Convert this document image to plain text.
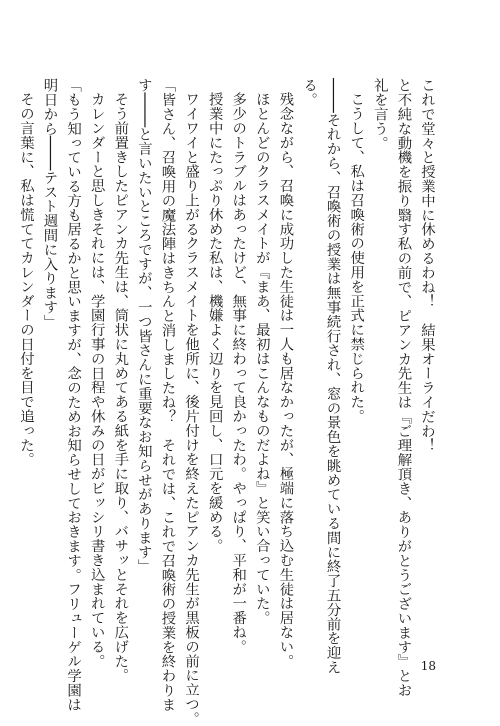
これで堂々と授業中に休めるわね！　結果オーライだわ！
と不純な動機を振り翳す私の前で、ピアンカ先生は『ご理解頂き、ありがとうございます』とお
礼を言う。
こうして、私は召喚術の使用を正式に禁じられた。
────それから、召喚術の授業は無事続行され、窓の景色を眺めている間に終了五分前を迎え
る。
残念ながら、召喚に成功した生徒は一人も居なかったが、極端に落ち込む生徒は居ない。
ほとんどのクラスメイトが『まあ、最初はこんなものだよね』と笑い合っていた。
多少のトラブルはあったけど、無事に終わって良かったわ。やっぱり、平和が一番ね。
授業中にたっぷり休めた私は、機嫌よく辺りを見回し、口元を緩める。
ワイワイと盛り上がるクラスメイトを他所に、後片付けを終えたピアンカ先生が黒板の前に立つ。
「皆さん、召喚用の魔法陣はきちんと消しましたね？　それでは、これで召喚術の授業を終わりま
す────と言いたいところですが、一つ皆さんに重要なお知らせがあります」
そう前置きしたピアンカ先生は、筒状に丸めてある紙を手に取り、バサッとそれを広げた。
カレンダーと思しきそれには、学園行事の日程や休みの日がビッシリ書き込まれている。
「もう知っている方も居るかと思いますが、念のためお知らせしておきます。フリューゲル学園は
明日から────テスト週間に入ります」
その言葉に、私は慌ててカレンダーの日付を目で追った。
18
